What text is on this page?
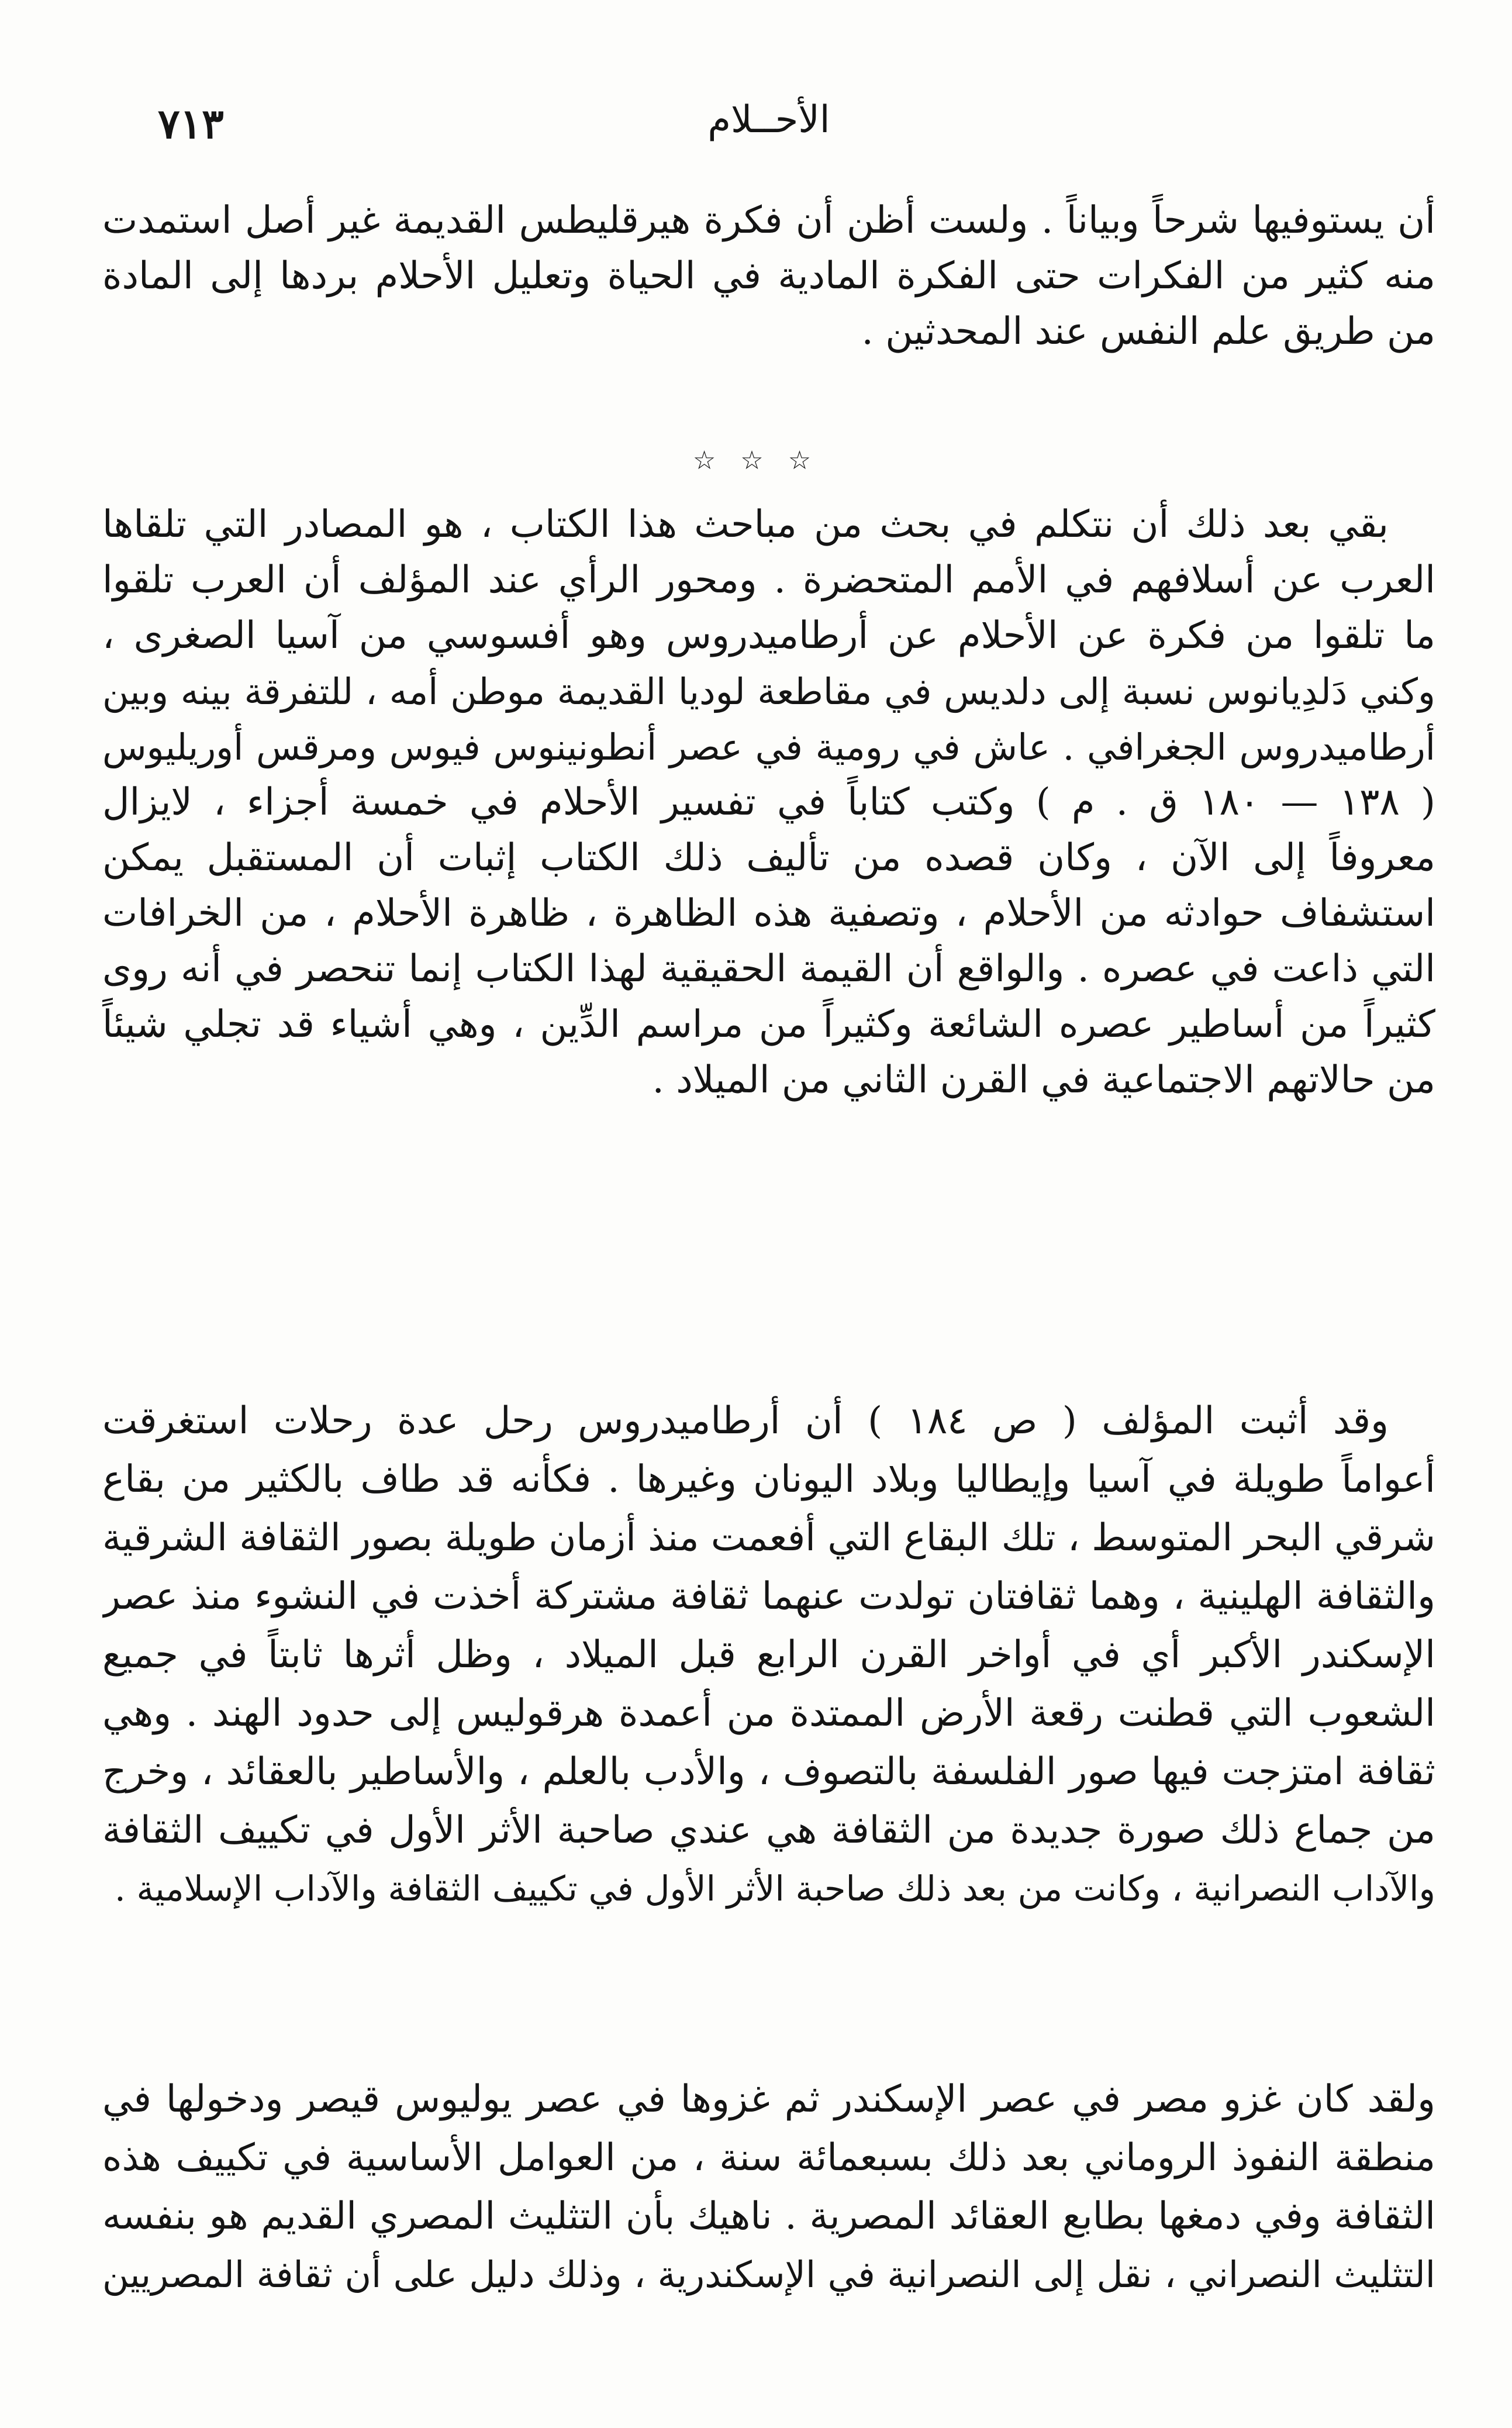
٧١٣	الأحــلام
أن يستوفيها شرحاً وبياناً . ولست أظن أن فكرة هيرقليطس القديمة غير أصل استمدت
منه كثير من الفكرات حتى الفكرة المادية في الحياة وتعليل الأحلام بردها إلى المادة
من طريق علم النفس عند المحدثين .
☆ ☆ ☆
بقي بعد ذلك أن نتكلم في بحث من مباحث هذا الكتاب ، هو المصادر التي تلقاها
العرب عن أسلافهم في الأمم المتحضرة . ومحور الرأي عند المؤلف أن العرب تلقوا
ما تلقوا من فكرة عن الأحلام عن أرطاميدروس وهو أفسوسي من آسيا الصغرى ،
وكني دَلدِيانوس نسبة إلى دلديس في مقاطعة لوديا القديمة موطن أمه ، للتفرقة بينه وبين
أرطاميدروس الجغرافي . عاش في رومية في عصر أنطونينوس فيوس ومرقس أوريليوس
( ١٣٨ — ١٨٠ ق . م ) وكتب كتاباً في تفسير الأحلام في خمسة أجزاء ، لايزال
معروفاً إلى الآن ، وكان قصده من تأليف ذلك الكتاب إثبات أن المستقبل يمكن
استشفاف حوادثه من الأحلام ، وتصفية هذه الظاهرة ، ظاهرة الأحلام ، من الخرافات
التي ذاعت في عصره . والواقع أن القيمة الحقيقية لهذا الكتاب إنما تنحصر في أنه روى
كثيراً من أساطير عصره الشائعة وكثيراً من مراسم الدِّين ، وهي أشياء قد تجلي شيئاً
من حالاتهم الاجتماعية في القرن الثاني من الميلاد .
وقد أثبت المؤلف ( ص ١٨٤ ) أن أرطاميدروس رحل عدة رحلات استغرقت
أعواماً طويلة في آسيا وإيطاليا وبلاد اليونان وغيرها . فكأنه قد طاف بالكثير من بقاع
شرقي البحر المتوسط ، تلك البقاع التي أفعمت منذ أزمان طويلة بصور الثقافة الشرقية
والثقافة الهلينية ، وهما ثقافتان تولدت عنهما ثقافة مشتركة أخذت في النشوء منذ عصر
الإسكندر الأكبر أي في أواخر القرن الرابع قبل الميلاد ، وظل أثرها ثابتاً في جميع
الشعوب التي قطنت رقعة الأرض الممتدة من أعمدة هرقوليس إلى حدود الهند . وهي
ثقافة امتزجت فيها صور الفلسفة بالتصوف ، والأدب بالعلم ، والأساطير بالعقائد ، وخرج
من جماع ذلك صورة جديدة من الثقافة هي عندي صاحبة الأثر الأول في تكييف الثقافة
والآداب النصرانية ، وكانت من بعد ذلك صاحبة الأثر الأول في تكييف الثقافة والآداب الإسلامية .
ولقد كان غزو مصر في عصر الإسكندر ثم غزوها في عصر يوليوس قيصر ودخولها في
منطقة النفوذ الروماني بعد ذلك بسبعمائة سنة ، من العوامل الأساسية في تكييف هذه
الثقافة وفي دمغها بطابع العقائد المصرية . ناهيك بأن التثليث المصري القديم هو بنفسه
التثليث النصراني ، نقل إلى النصرانية في الإسكندرية ، وذلك دليل على أن ثقافة المصريين
